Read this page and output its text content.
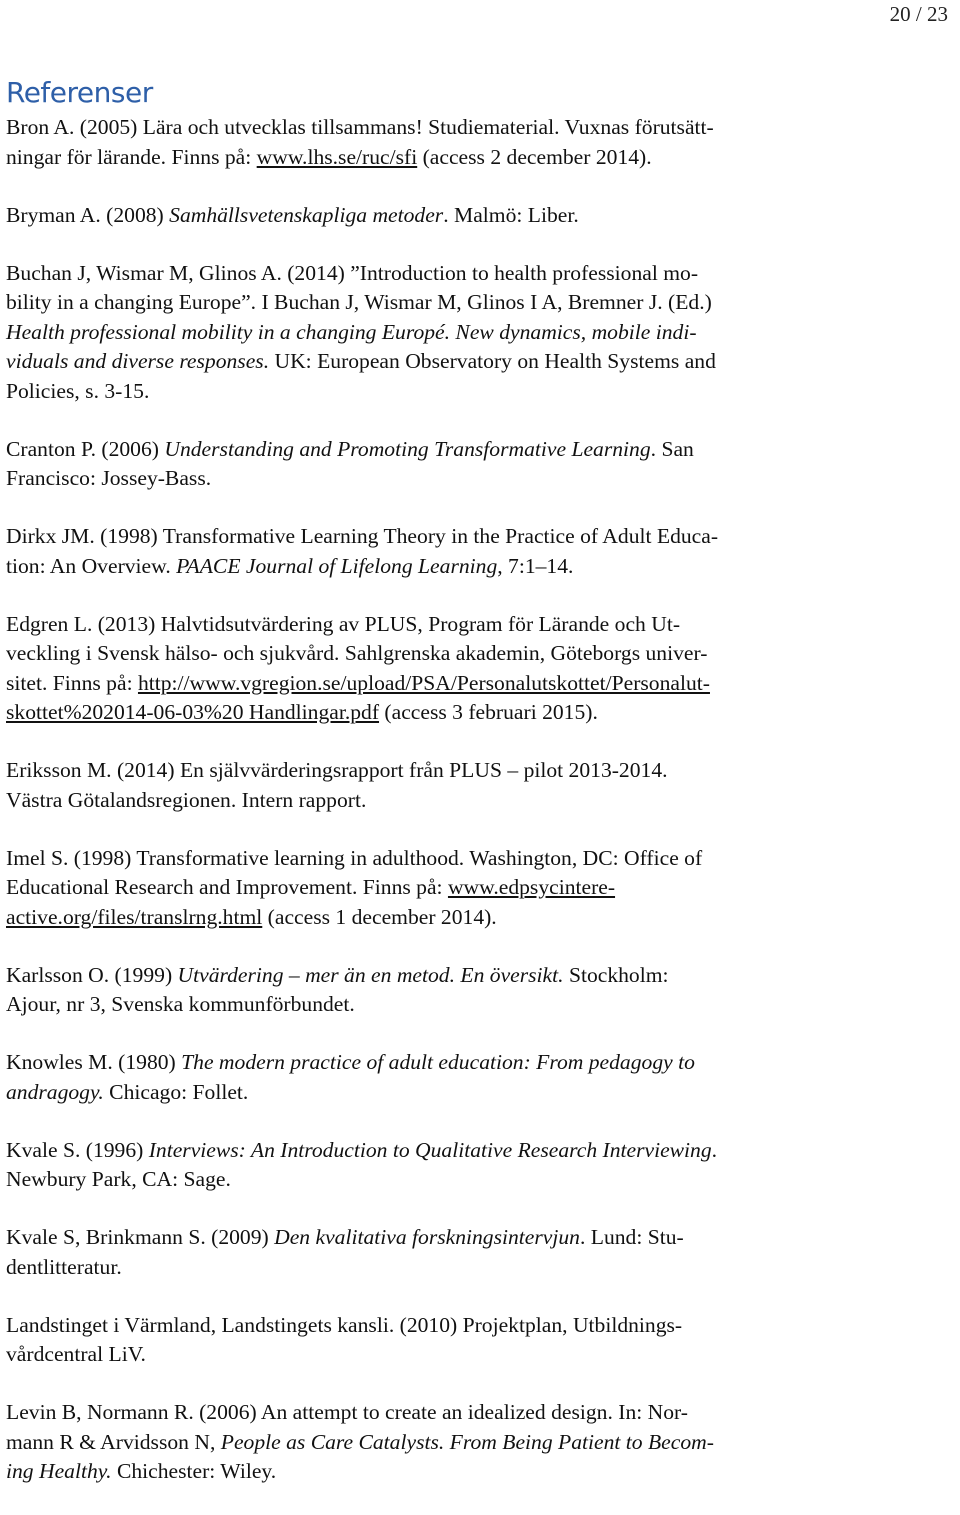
20 / 23
Referenser

Bron A. (2005) Lära och utvecklas tillsammans! Studiematerial. Vuxnas förutsätt-
ningar för lärande. Finns på: www.lhs.se/ruc/sfi (access 2 december 2014).

Bryman A. (2008) Samhällsvetenskapliga metoder. Malmö: Liber.

Buchan J, Wismar M, Glinos A. (2014) ”Introduction to health professional mo-
bility in a changing Europe”. I Buchan J, Wismar M, Glinos I A, Bremner J. (Ed.)
Health professional mobility in a changing Europé. New dynamics, mobile indi-
viduals and diverse responses. UK: European Observatory on Health Systems and
Policies, s. 3-15.

Cranton P. (2006) Understanding and Promoting Transformative Learning. San
Francisco: Jossey-Bass.

Dirkx JM. (1998) Transformative Learning Theory in the Practice of Adult Educa-
tion: An Overview. PAACE Journal of Lifelong Learning, 7:1–14.

Edgren L. (2013) Halvtidsutvärdering av PLUS, Program för Lärande och Ut-
veckling i Svensk hälso- och sjukvård. Sahlgrenska akademin, Göteborgs univer-
sitet. Finns på: http://www.vgregion.se/upload/PSA/Personalutskottet/Personalut-
skottet%202014-06-03%20 Handlingar.pdf (access 3 februari 2015).

Eriksson M. (2014) En självvärderingsrapport från PLUS – pilot 2013-2014.
Västra Götalandsregionen. Intern rapport.

Imel S. (1998) Transformative learning in adulthood. Washington, DC: Office of
Educational Research and Improvement. Finns på: www.edpsycintere-
active.org/files/translrng.html (access 1 december 2014).

Karlsson O. (1999) Utvärdering – mer än en metod. En översikt. Stockholm:
Ajour, nr 3, Svenska kommunförbundet.

Knowles M. (1980) The modern practice of adult education: From pedagogy to
andragogy. Chicago: Follet.

Kvale S. (1996) Interviews: An Introduction to Qualitative Research Interviewing.
Newbury Park, CA: Sage.

Kvale S, Brinkmann S. (2009) Den kvalitativa forskningsintervjun. Lund: Stu-
dentlitteratur.

Landstinget i Värmland, Landstingets kansli. (2010) Projektplan, Utbildnings-
vårdcentral LiV.

Levin B, Normann R. (2006) An attempt to create an idealized design. In: Nor-
mann R & Arvidsson N, People as Care Catalysts. From Being Patient to Becom-
ing Healthy. Chichester: Wiley.
